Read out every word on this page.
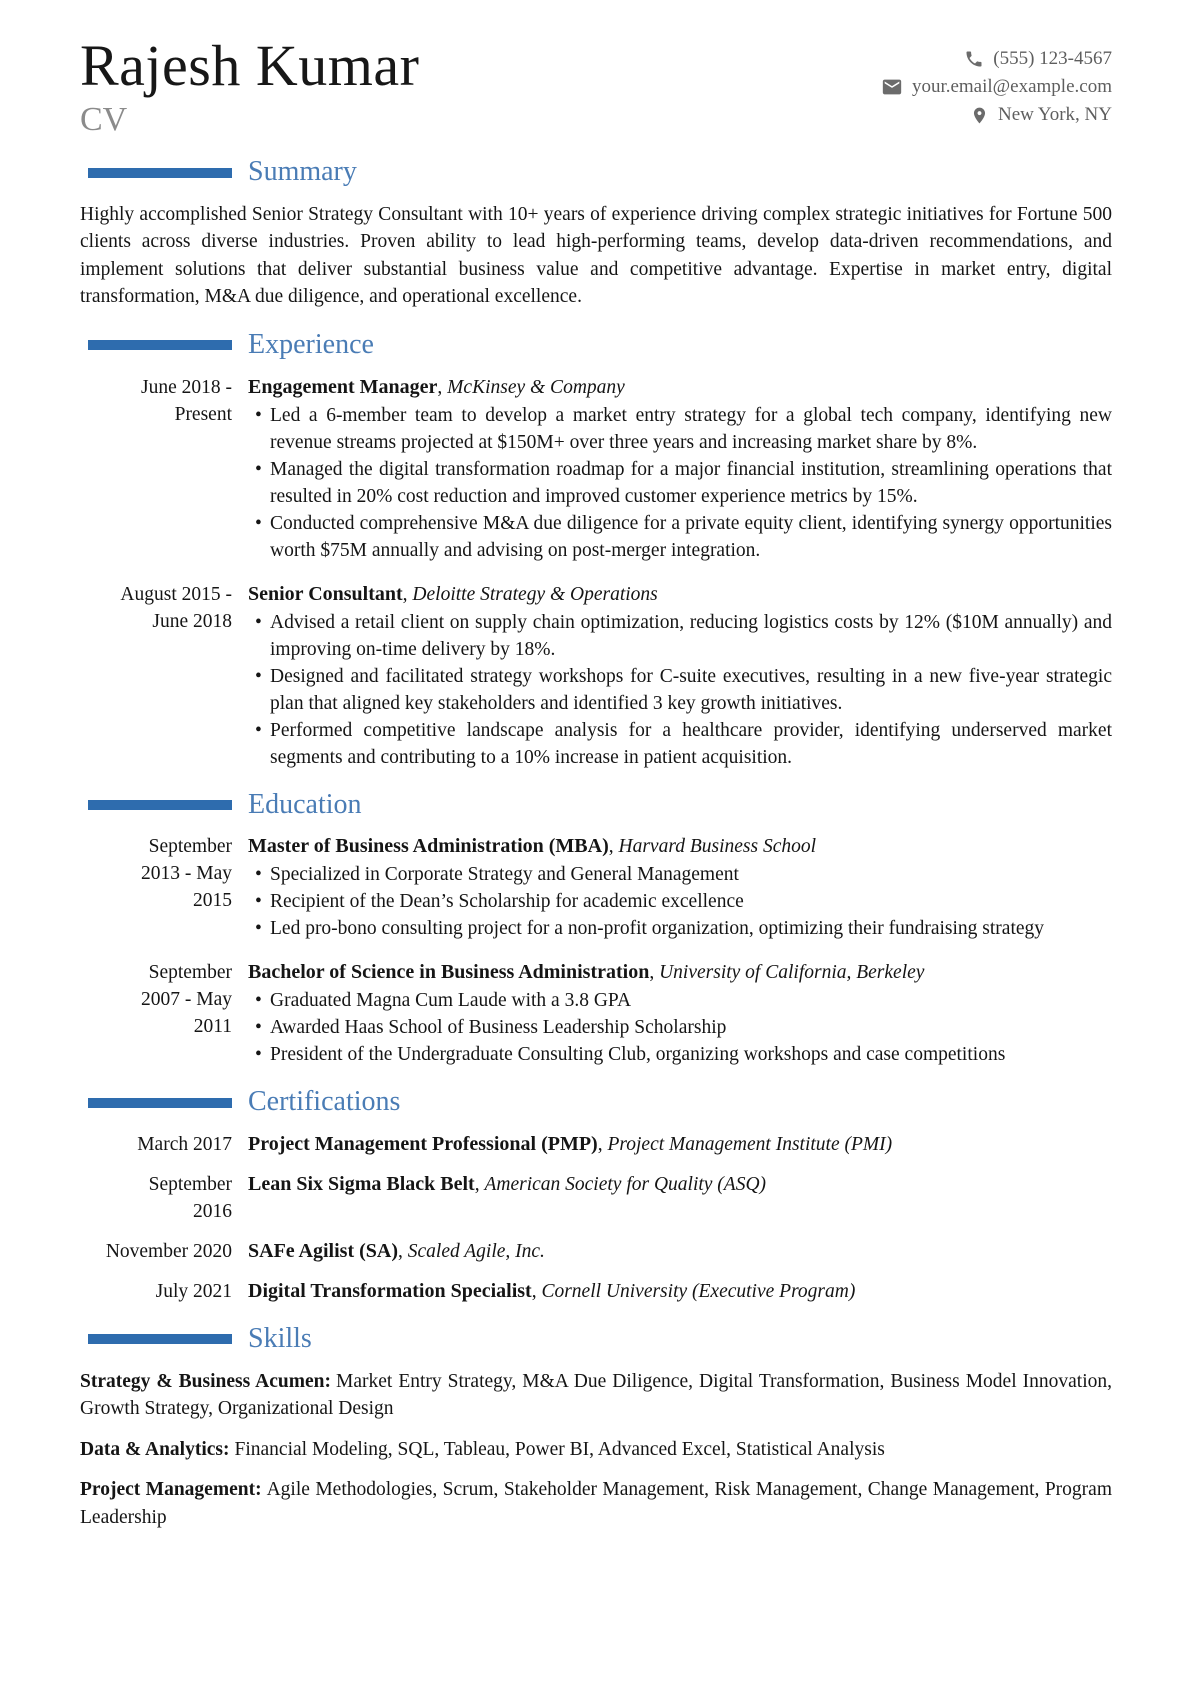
Rajesh Kumar
CV
(555) 123-4567
your.email@example.com
New York, NY
Summary

Highly accomplished Senior Strategy Consultant with 10+ years of experience driving complex strategic initiatives for Fortune 500 clients across diverse industries. Proven ability to lead high-performing teams, develop data-driven recommendations, and implement solutions that deliver substantial business value and competitive advantage. Expertise in market entry, digital transformation, M&A due diligence, and operational excellence.

Experience
June 2018 -
Present
Engagement Manager, McKinsey & Company
• Led a 6-member team to develop a market entry strategy for a global tech company, identifying new revenue streams projected at $150M+ over three years and increasing market share by 8%.
• Managed the digital transformation roadmap for a major financial institution, streamlining operations that resulted in 20% cost reduction and improved customer experience metrics by 15%.
• Conducted comprehensive M&A due diligence for a private equity client, identifying synergy opportunities worth $75M annually and advising on post-merger integration.
August 2015 -
June 2018
Senior Consultant, Deloitte Strategy & Operations
• Advised a retail client on supply chain optimization, reducing logistics costs by 12% ($10M annually) and improving on-time delivery by 18%.
• Designed and facilitated strategy workshops for C-suite executives, resulting in a new five-year strategic plan that aligned key stakeholders and identified 3 key growth initiatives.
• Performed competitive landscape analysis for a healthcare provider, identifying underserved market segments and contributing to a 10% increase in patient acquisition.
Education
September
2013 - May
2015
Master of Business Administration (MBA), Harvard Business School
• Specialized in Corporate Strategy and General Management
• Recipient of the Dean’s Scholarship for academic excellence
• Led pro-bono consulting project for a non-profit organization, optimizing their fundraising strategy
September
2007 - May
2011
Bachelor of Science in Business Administration, University of California, Berkeley
• Graduated Magna Cum Laude with a 3.8 GPA
• Awarded Haas School of Business Leadership Scholarship
• President of the Undergraduate Consulting Club, organizing workshops and case competitions
Certifications
March 2017 Project Management Professional (PMP), Project Management Institute (PMI)
September
2016
Lean Six Sigma Black Belt, American Society for Quality (ASQ)
November 2020 SAFe Agilist (SA), Scaled Agile, Inc.
July 2021 Digital Transformation Specialist, Cornell University (Executive Program)
Skills

Strategy & Business Acumen: Market Entry Strategy, M&A Due Diligence, Digital Transformation, Business Model Innovation, Growth Strategy, Organizational Design

Data & Analytics: Financial Modeling, SQL, Tableau, Power BI, Advanced Excel, Statistical Analysis

Project Management: Agile Methodologies, Scrum, Stakeholder Management, Risk Management, Change Management, Program Leadership
